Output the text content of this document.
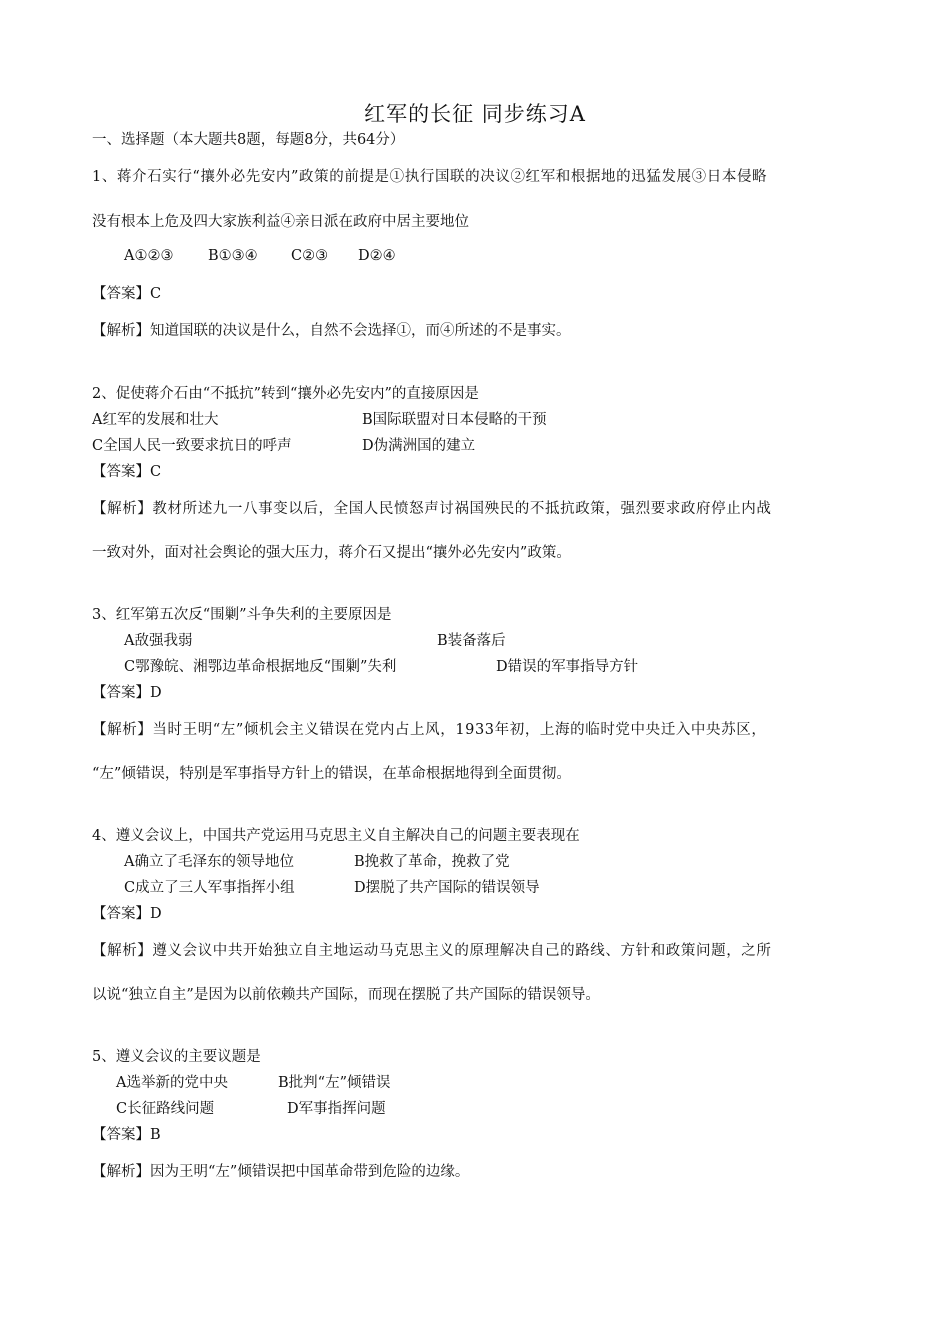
红军的长征 同步练习A
一、选择题（本大题共8题，每题8分，共64分）
1、蒋介石实行“攘外必先安内”政策的前提是①执行国联的决议②红军和根据地的迅猛发展③日本侵略
没有根本上危及四大家族利益④亲日派在政府中居主要地位
A①②③ B①③④ C②③ D②④
【答案】C
【解析】知道国联的决议是什么，自然不会选择①，而④所述的不是事实。
2、促使蒋介石由“不抵抗”转到“攘外必先安内”的直接原因是
A红军的发展和壮大	B国际联盟对日本侵略的干预
C全国人民一致要求抗日的呼声	D伪满洲国的建立
【答案】C
【解析】教材所述九一八事变以后，全国人民愤怒声讨祸国殃民的不抵抗政策，强烈要求政府停止内战
一致对外，面对社会舆论的强大压力，蒋介石又提出“攘外必先安内”政策。
3、红军第五次反“围剿”斗争失利的主要原因是
A敌强我弱	B装备落后
C鄂豫皖、湘鄂边革命根据地反“围剿”失利	D错误的军事指导方针
【答案】D
【解析】当时王明“左”倾机会主义错误在党内占上风，1933年初，上海的临时党中央迁入中央苏区，
“左”倾错误，特别是军事指导方针上的错误，在革命根据地得到全面贯彻。
4、遵义会议上，中国共产党运用马克思主义自主解决自己的问题主要表现在
A确立了毛泽东的领导地位	B挽救了革命，挽救了党
C成立了三人军事指挥小组	D摆脱了共产国际的错误领导
【答案】D
【解析】遵义会议中共开始独立自主地运动马克思主义的原理解决自己的路线、方针和政策问题，之所
以说“独立自主”是因为以前依赖共产国际，而现在摆脱了共产国际的错误领导。
5、遵义会议的主要议题是
A选举新的党中央	B批判“左”倾错误
C长征路线问题	D军事指挥问题
【答案】B
【解析】因为王明“左”倾错误把中国革命带到危险的边缘。
